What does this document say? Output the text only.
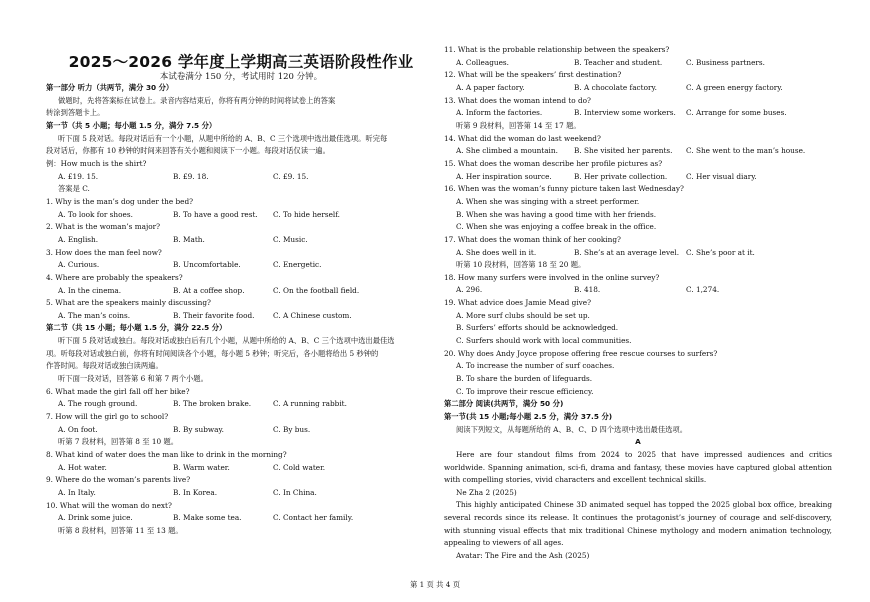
2025～2026 学年度上学期高三英语阶段性作业
本试卷满分 150 分，考试用时 120 分钟。
第一部分 听力（共两节，满分 30 分）
做题时，先将答案标在试卷上。录音内容结束后，你将有两分钟的时间将试卷上的答案
转涂到答题卡上。
第一节（共 5 小题；每小题 1.5 分，满分 7.5 分）
听下面 5 段对话。每段对话后有一个小题，从题中所给的 A、B、C 三个选项中选出最佳选项。听完每
段对话后，你都有 10 秒钟的时间来回答有关小题和阅读下一小题。每段对话仅读一遍。
例：How much is the shirt?
A. £19. 15.	B. £9. 18.	C. £9. 15.
答案是 C.
1. Why is the man’s dog under the bed?
A. To look for shoes.	B. To have a good rest.	C. To hide herself.
2. What is the woman’s major?
A. English.	B. Math.	C. Music.
3. How does the man feel now?
A. Curious.	B. Uncomfortable.	C. Energetic.
4. Where are probably the speakers?
A. In the cinema.	B. At a coffee shop.	C. On the football field.
5. What are the speakers mainly discussing?
A. The man’s coins.	B. Their favorite food.	C. A Chinese custom.
第二节（共 15 小题；每小题 1.5 分，满分 22.5 分）
听下面 5 段对话或独白。每段对话或独白后有几个小题，从题中所给的 A、B、C 三个选项中选出最佳选
项。听每段对话或独白前，你将有时间阅读各个小题，每小题 5 秒钟；听完后，各小题将给出 5 秒钟的
作答时间。每段对话或独白读两遍。
听下面一段对话，回答第 6 和第 7 两个小题。
6. What made the girl fall off her bike?
A. The rough ground.	B. The broken brake.	C. A running rabbit.
7. How will the girl go to school?
A. On foot.	B. By subway.	C. By bus.
听第 7 段材料，回答第 8 至 10 题。
8. What kind of water does the man like to drink in the morning?
A. Hot water.	B. Warm water.	C. Cold water.
9. Where do the woman’s parents live?
A. In Italy.	B. In Korea.	C. In China.
10. What will the woman do next?
A. Drink some juice.	B. Make some tea.	C. Contact her family.
听第 8 段材料，回答第 11 至 13 题。
11. What is the probable relationship between the speakers?
A. Colleagues.	B. Teacher and student.	C. Business partners.
12. What will be the speakers’ first destination?
A. A paper factory.	B. A chocolate factory.	C. A green energy factory.
13. What does the woman intend to do?
A. Inform the factories.	B. Interview some workers.	C. Arrange for some buses.
听第 9 段材料，回答第 14 至 17 题。
14. What did the woman do last weekend?
A. She climbed a mountain.	B. She visited her parents.	C. She went to the man’s house.
15. What does the woman describe her profile pictures as?
A. Her inspiration source.	B. Her private collection.	C. Her visual diary.
16. When was the woman’s funny picture taken last Wednesday?
A. When she was singing with a street performer.
B. When she was having a good time with her friends.
C. When she was enjoying a coffee break in the office.
17. What does the woman think of her cooking?
A. She does well in it.	B. She’s at an average level. C. She’s poor at it.
听第 10 段材料，回答第 18 至 20 题。
18. How many surfers were involved in the online survey?
A. 296.	B. 418.	C. 1,274.
19. What advice does Jamie Mead give?
A. More surf clubs should be set up.
B. Surfers’ efforts should be acknowledged.
C. Surfers should work with local communities.
20. Why does Andy Joyce propose offering free rescue courses to surfers?
A. To increase the number of surf coaches.
B. To share the burden of lifeguards.
C. To improve their rescue efficiency.
第二部分 阅读(共两节，满分 50 分)
第一节(共 15 小题;每小题 2.5 分，满分 37.5 分)
阅读下列短文，从每题所给的 A、B、C、D 四个选项中选出最佳选项。
A
Here are four standout films from 2024 to 2025 that have impressed audiences and critics worldwide. Spanning animation, sci-fi, drama and fantasy, these movies have captured global attention with compelling stories, vivid characters and excellent technical skills.
Ne Zha 2 (2025)
This highly anticipated Chinese 3D animated sequel has topped the 2025 global box office, breaking several records since its release. It continues the protagonist’s journey of courage and self-discovery, with stunning visual effects that mix traditional Chinese mythology and modern animation technology, appealing to viewers of all ages.
Avatar: The Fire and the Ash (2025)
第 1 页 共 4 页
